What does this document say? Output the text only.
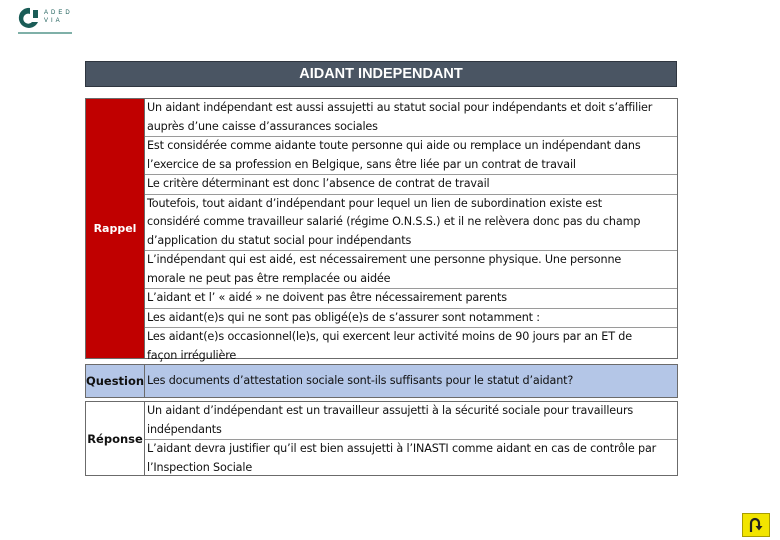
ADED
VIA
AIDANT INDEPENDANT
Rappel
Un aidant indépendant est aussi assujetti au statut social pour indépendants et doit s’affilier
auprès d’une caisse d’assurances sociales
Est considérée comme aidante toute personne qui aide ou remplace un indépendant dans
l’exercice de sa profession en Belgique, sans être liée par un contrat de travail
Le critère déterminant est donc l’absence de contrat de travail
Toutefois, tout aidant d’indépendant pour lequel un lien de subordination existe est
considéré comme travailleur salarié (régime O.N.S.S.) et il ne relèvera donc pas du champ
d’application du statut social pour indépendants
L’indépendant qui est aidé, est nécessairement une personne physique. Une personne
morale ne peut pas être remplacée ou aidée
L’aidant et l’ « aidé » ne doivent pas être nécessairement parents
Les aidant(e)s qui ne sont pas obligé(e)s de s’assurer sont notamment :
Les aidant(e)s occasionnel(le)s, qui exercent leur activité moins de 90 jours par an ET de
façon irrégulière
Question Les documents d’attestation sociale sont-ils suffisants pour le statut d’aidant?
Réponse
Un aidant d’indépendant est un travailleur assujetti à la sécurité sociale pour travailleurs
indépendants
L’aidant devra justifier qu’il est bien assujetti à l’INASTI comme aidant en cas de contrôle par
l’Inspection Sociale
